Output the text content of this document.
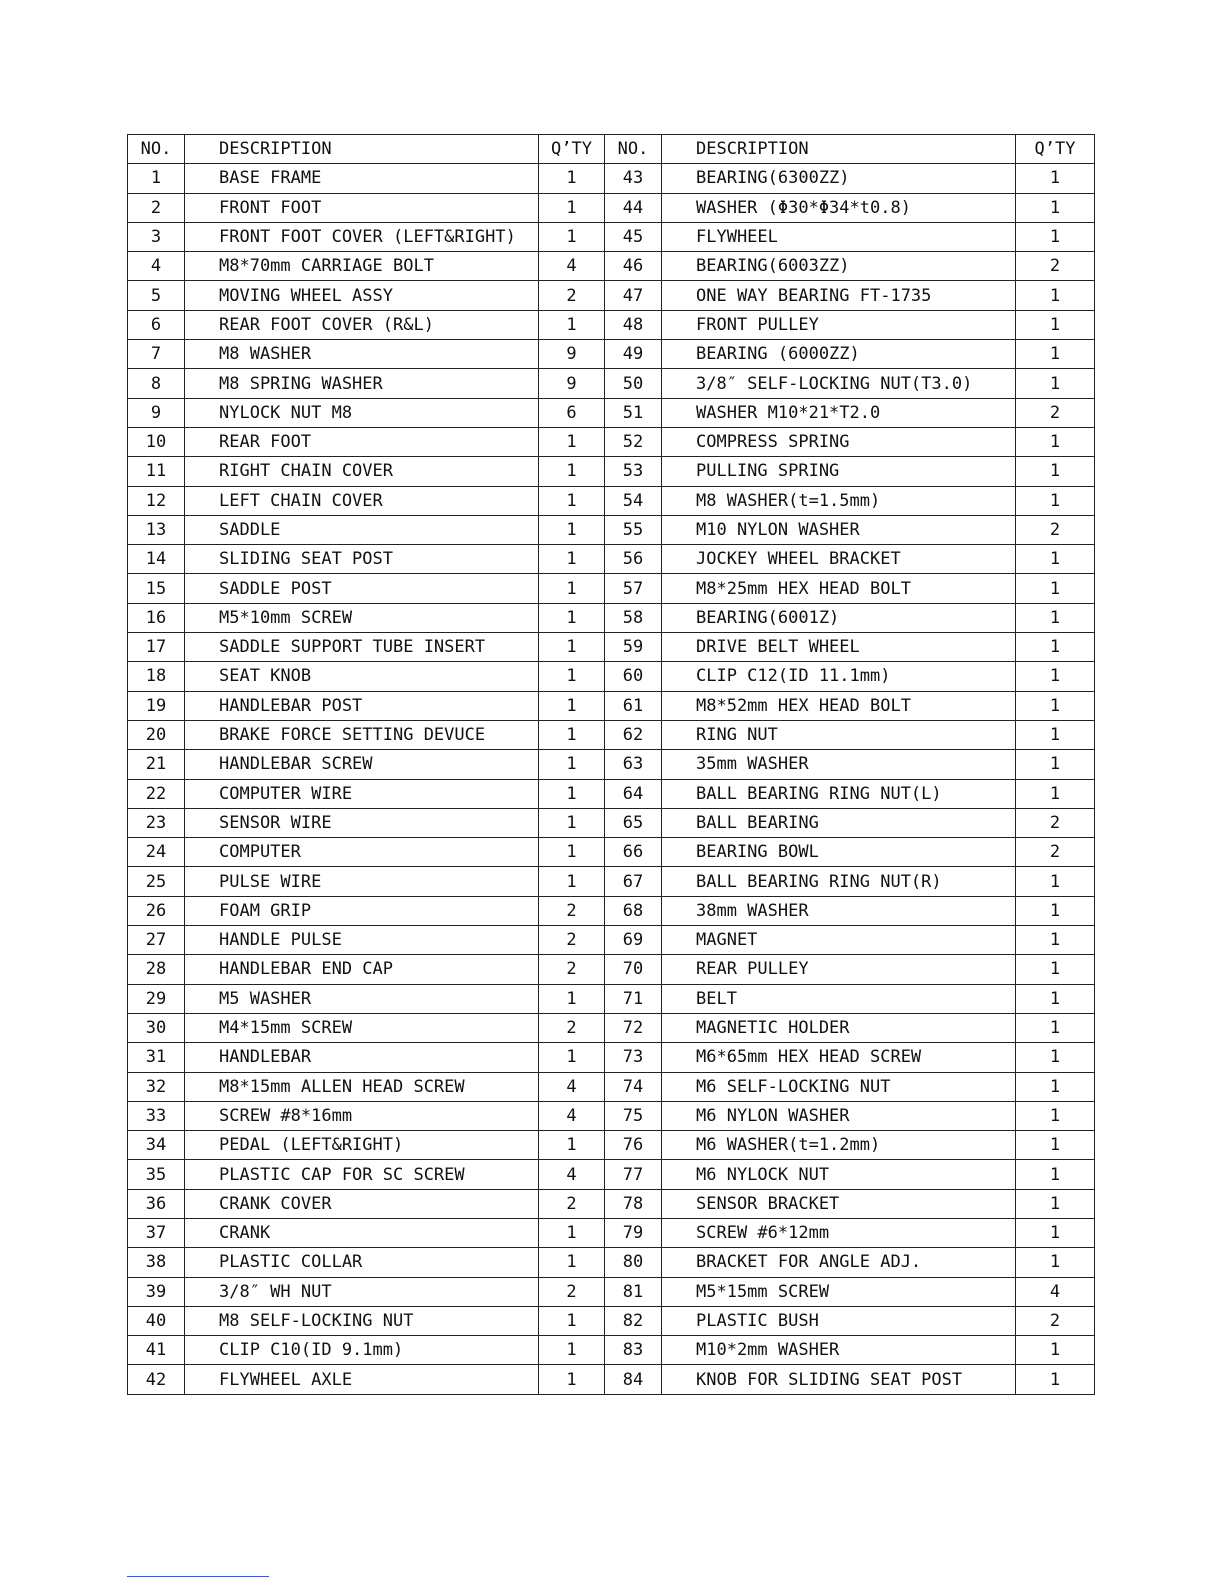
NO.	DESCRIPTION	Q’TY	NO.	DESCRIPTION	Q’TY
1	BASE FRAME	1	43	BEARING(6300ZZ)	1
2	FRONT FOOT	1	44	WASHER (Φ30*Φ34*t0.8)	1
3	FRONT FOOT COVER (LEFT&RIGHT)	1	45	FLYWHEEL	1
4	M8*70mm CARRIAGE BOLT	4	46	BEARING(6003ZZ)	2
5	MOVING WHEEL ASSY	2	47	ONE WAY BEARING FT-1735	1
6	REAR FOOT COVER (R&L)	1	48	FRONT PULLEY	1
7	M8 WASHER	9	49	BEARING (6000ZZ)	1
8	M8 SPRING WASHER	9	50	3/8″ SELF-LOCKING NUT(T3.0)	1
9	NYLOCK NUT M8	6	51	WASHER M10*21*T2.0	2
10	REAR FOOT	1	52	COMPRESS SPRING	1
11	RIGHT CHAIN COVER	1	53	PULLING SPRING	1
12	LEFT CHAIN COVER	1	54	M8 WASHER(t=1.5mm)	1
13	SADDLE	1	55	M10 NYLON WASHER	2
14	SLIDING SEAT POST	1	56	JOCKEY WHEEL BRACKET	1
15	SADDLE POST	1	57	M8*25mm HEX HEAD BOLT	1
16	M5*10mm SCREW	1	58	BEARING(6001Z)	1
17	SADDLE SUPPORT TUBE INSERT	1	59	DRIVE BELT WHEEL	1
18	SEAT KNOB	1	60	CLIP C12(ID 11.1mm)	1
19	HANDLEBAR POST	1	61	M8*52mm HEX HEAD BOLT	1
20	BRAKE FORCE SETTING DEVUCE	1	62	RING NUT	1
21	HANDLEBAR SCREW	1	63	35mm WASHER	1
22	COMPUTER WIRE	1	64	BALL BEARING RING NUT(L)	1
23	SENSOR WIRE	1	65	BALL BEARING	2
24	COMPUTER	1	66	BEARING BOWL	2
25	PULSE WIRE	1	67	BALL BEARING RING NUT(R)	1
26	FOAM GRIP	2	68	38mm WASHER	1
27	HANDLE PULSE	2	69	MAGNET	1
28	HANDLEBAR END CAP	2	70	REAR PULLEY	1
29	M5 WASHER	1	71	BELT	1
30	M4*15mm SCREW	2	72	MAGNETIC HOLDER	1
31	HANDLEBAR	1	73	M6*65mm HEX HEAD SCREW	1
32	M8*15mm ALLEN HEAD SCREW	4	74	M6 SELF-LOCKING NUT	1
33	SCREW #8*16mm	4	75	M6 NYLON WASHER	1
34	PEDAL (LEFT&RIGHT)	1	76	M6 WASHER(t=1.2mm)	1
35	PLASTIC CAP FOR SC SCREW	4	77	M6 NYLOCK NUT	1
36	CRANK COVER	2	78	SENSOR BRACKET	1
37	CRANK	1	79	SCREW #6*12mm	1
38	PLASTIC COLLAR	1	80	BRACKET FOR ANGLE ADJ.	1
39	3/8″ WH NUT	2	81	M5*15mm SCREW	4
40	M8 SELF-LOCKING NUT	1	82	PLASTIC BUSH	2
41	CLIP C10(ID 9.1mm)	1	83	M10*2mm WASHER	1
42	FLYWHEEL AXLE	1	84	KNOB FOR SLIDING SEAT POST	1
